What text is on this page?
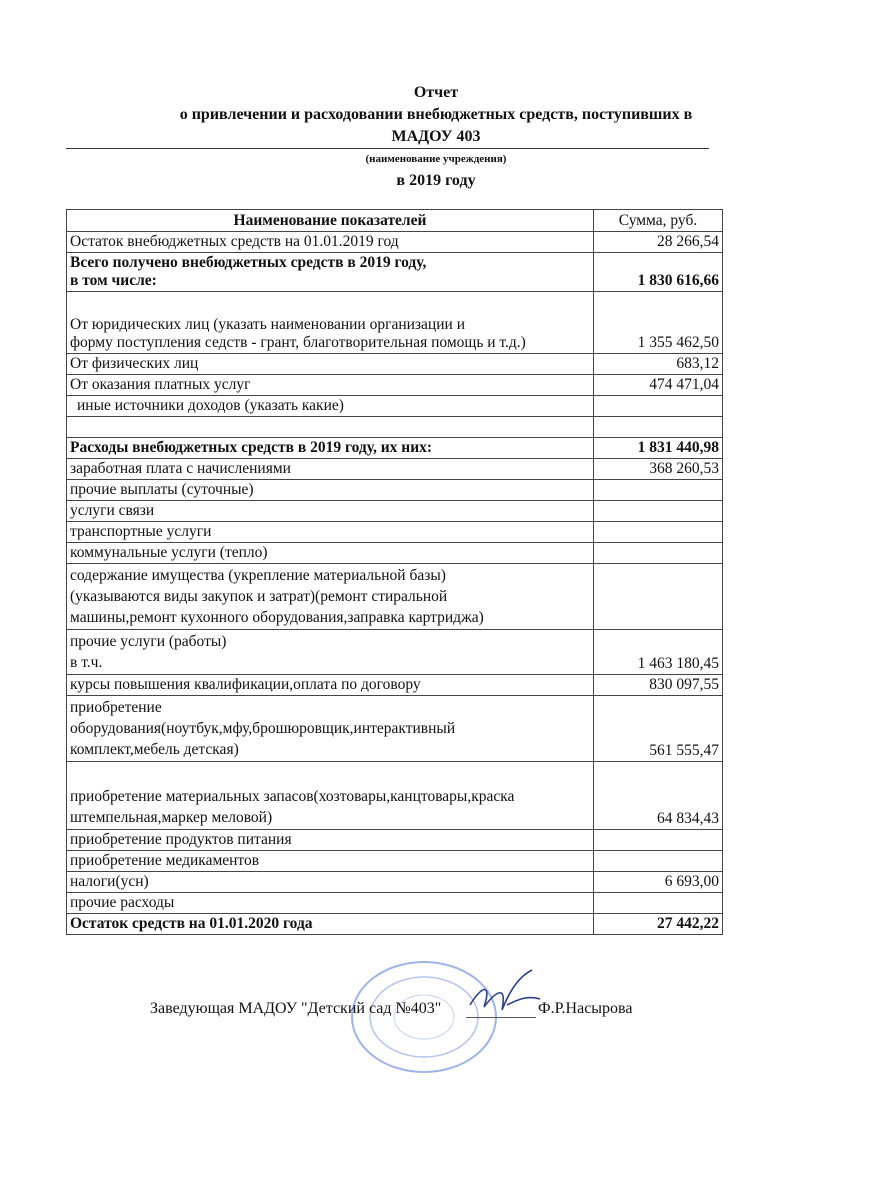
Отчет
о привлечении и расходовании внебюджетных средств, поступивших в
МАДОУ 403
(наименование учреждения)
в 2019 году
Наименование показателей	Сумма, руб.
Остаток внебюджетных средств на 01.01.2019 год	28 266,54
Всего получено внебюджетных средств в 2019 году,
в том числе:	1 830 616,66
От юридических лиц (указать наименовании организации и
форму поступления седств - грант, благотворительная помощь и т.д.)	1 355 462,50
От физических лиц	683,12
От оказания платных услуг	474 471,04
иные источники доходов (указать какие)	

Расходы внебюджетных средств в 2019 году, их них:	1 831 440,98
заработная плата с начислениями	368 260,53
прочие выплаты (суточные)	
услуги связи	
транспортные услуги	
коммунальные услуги (тепло)	
содержание имущества (укрепление материальной базы)
(указываются виды закупок и затрат)(ремонт стиральной
машины,ремонт кухонного оборудования,заправка картриджа)	
прочие услуги (работы)
в т.ч.	1 463 180,45
курсы повышения квалификации,оплата по договору	830 097,55
приобретение
оборудования(ноутбук,мфу,брошюровщик,интерактивный
комплект,мебель детская)	561 555,47
приобретение материальных запасов(хозтовары,канцтовары,краска
штемпельная,маркер меловой)	64 834,43
приобретение продуктов питания	
приобретение медикаментов	
налоги(усн)	6 693,00
прочие расходы	
Остаток средств на 01.01.2020 года	27 442,22
Заведующая МАДОУ "Детский сад №403"	Ф.Р.Насырова
